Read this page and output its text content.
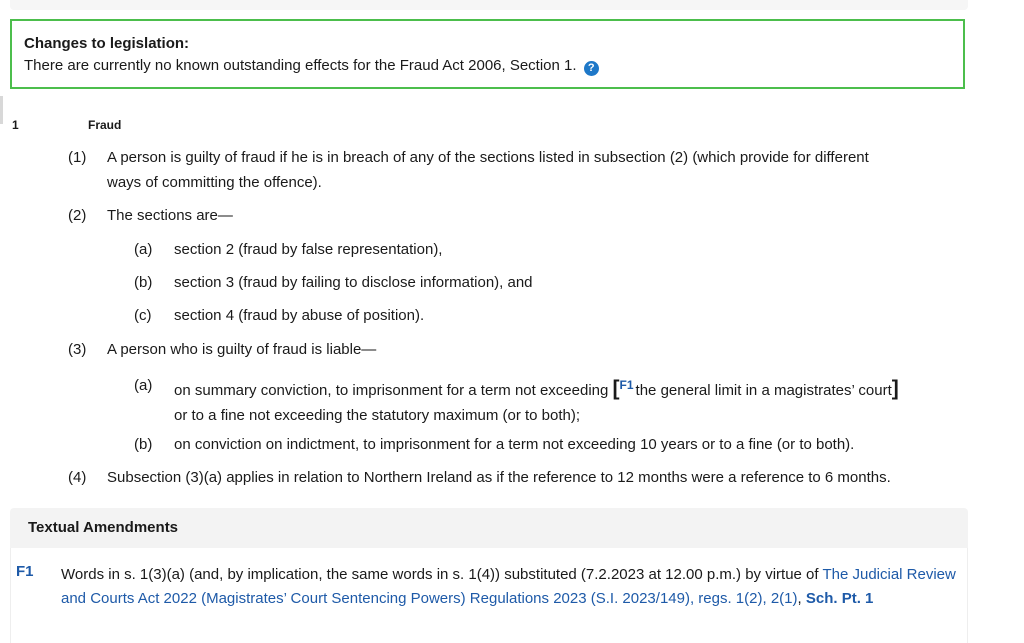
Changes to legislation:
There are currently no known outstanding effects for the Fraud Act 2006, Section 1. ?
1	Fraud
(1) A person is guilty of fraud if he is in breach of any of the sections listed in subsection (2) (which provide for different
ways of committing the offence).
(2) The sections are—
(a) section 2 (fraud by false representation),
(b) section 3 (fraud by failing to disclose information), and
(c) section 4 (fraud by abuse of position).
(3) A person who is guilty of fraud is liable—
(a) on summary conviction, to imprisonment for a term not exceeding [$^{F1}$ the general limit in a magistrates’ court]
or to a fine not exceeding the statutory maximum (or to both);
(b) on conviction on indictment, to imprisonment for a term not exceeding 10 years or to a fine (or to both).
(4) Subsection (3)(a) applies in relation to Northern Ireland as if the reference to 12 months were a reference to 6 months.
Textual Amendments
F1 Words in s. 1(3)(a) (and, by implication, the same words in s. 1(4)) substituted (7.2.2023 at 12.00 p.m.) by virtue of The Judicial Review and Courts Act 2022 (Magistrates’ Court Sentencing Powers) Regulations 2023 (S.I. 2023/149), regs. 1(2), 2(1), Sch. Pt. 1
